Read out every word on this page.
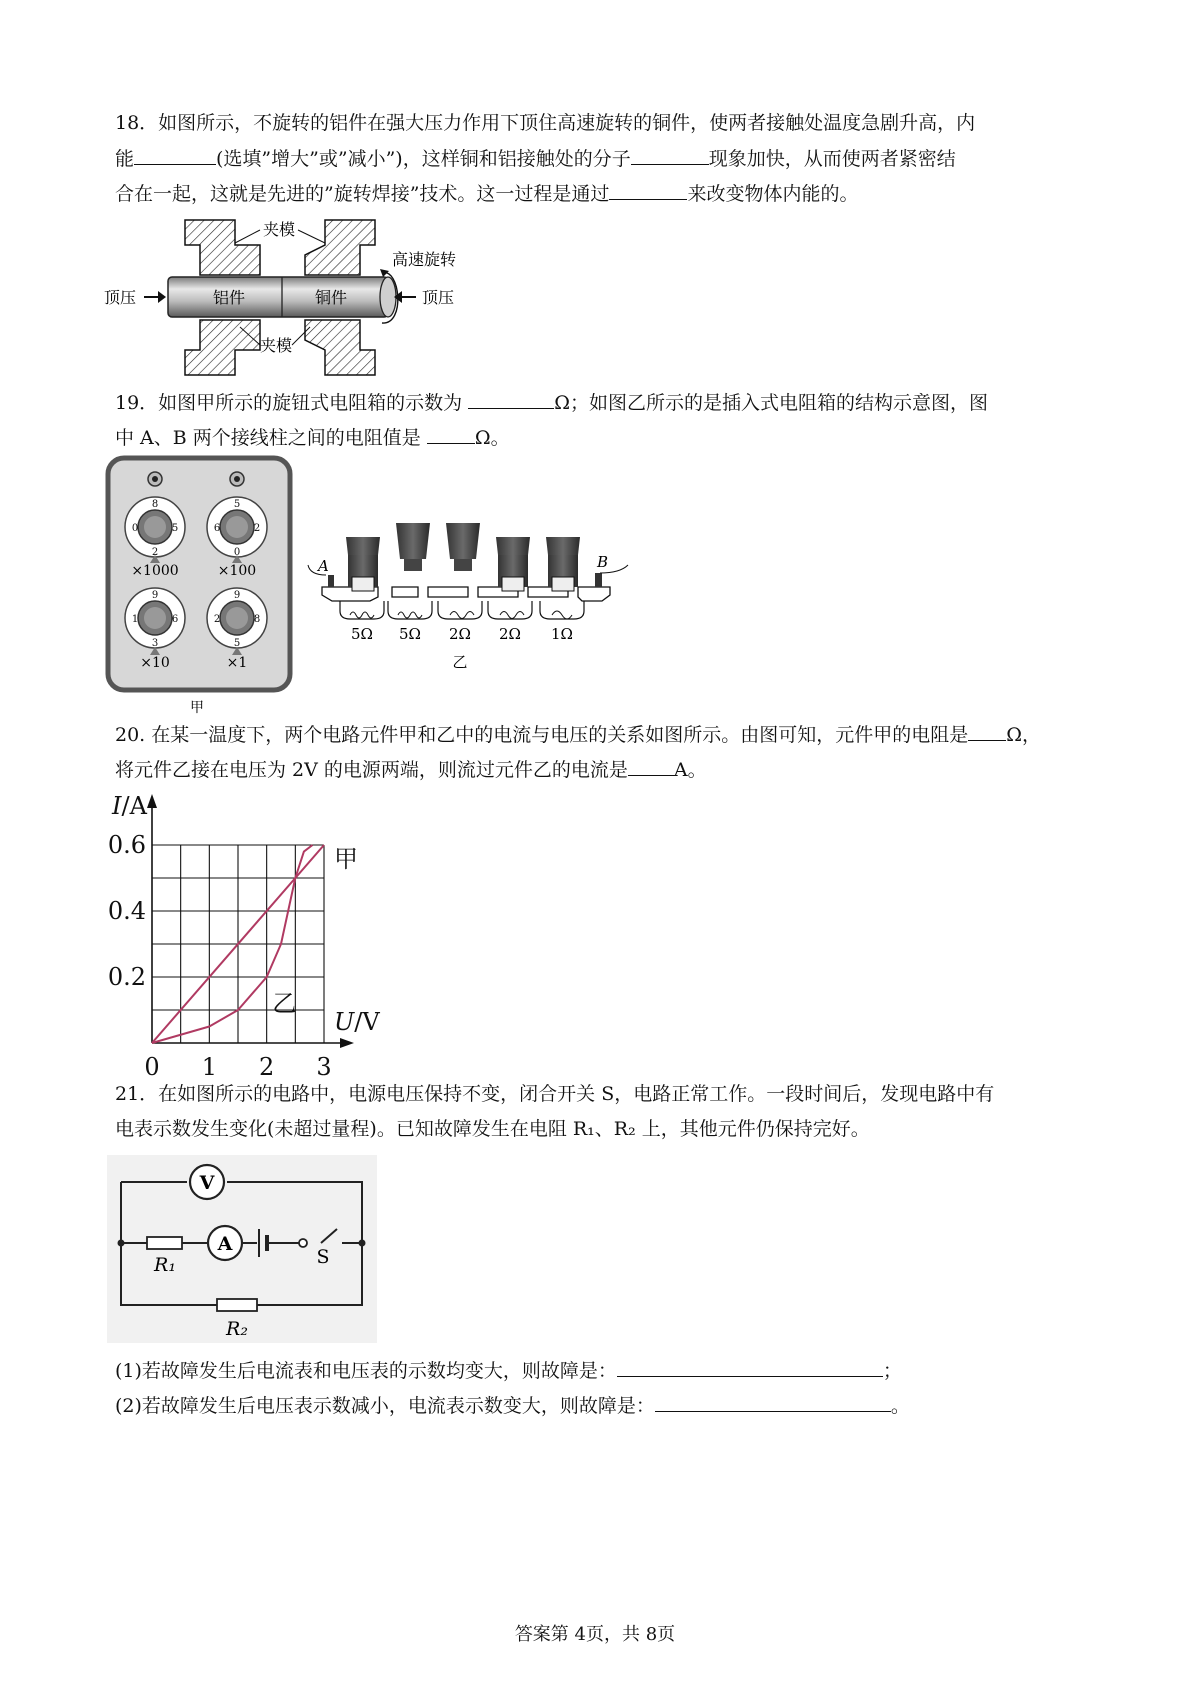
18．如图所示，不旋转的铝件在强大压力作用下顶住高速旋转的铜件，使两者接触处温度急剧升高，内
能	(选填”增大”或”减小”)，这样铜和铝接触处的分子	现象加快，从而使两者紧密结
合在一起，这就是先进的”旋转焊接”技术。这一过程是通过	来改变物体内能的。
夹模
夹模
高速旋转
顶压	顶压
铝件	铜件
19．如图甲所示的旋钮式电阻箱的示数为	Ω；如图乙所示的是插入式电阻箱的结构示意图，图
中 A、B 两个接线柱之间的电阻值是	Ω。
8
0	5
2
5
6	2
0
9
1	6
3
9
2	8
5
×1000	×100
×10	×1
甲
A	B
5Ω 5Ω 2Ω 2Ω 1Ω
乙
20. 在某一温度下，两个电路元件甲和乙中的电流与电压的关系如图所示。由图可知，元件甲的电阻是 Ω，
将元件乙接在电压为 2V 的电源两端，则流过元件乙的电流是 A。
0 1 2 3
0.2
0.4
0.6
I/A
U/V
甲
乙
21．在如图所示的电路中，电源电压保持不变，闭合开关 S，电路正常工作。一段时间后，发现电路中有
电表示数发生变化(未超过量程)。已知故障发生在电阻 R₁、R₂ 上，其他元件仍保持完好。
V
A
R₁	S
R₂
(1)若故障发生后电流表和电压表的示数均变大，则故障是：	；
(2)若故障发生后电压表示数减小，电流表示数变大，则故障是：	。
答案第 4页，共 8页
